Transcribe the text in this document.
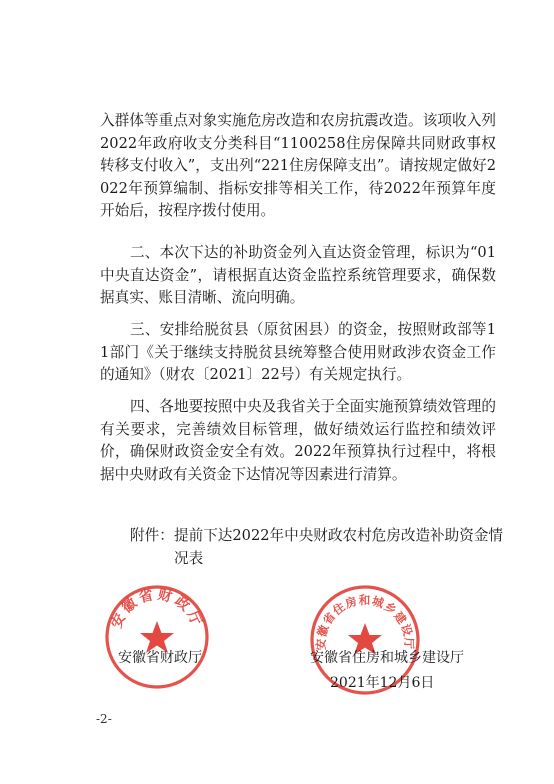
入群体等重点对象实施危房改造和农房抗震改造。该项收入列2022年政府收支分类科目“1100258住房保障共同财政事权转移支付收入”，支出列“221住房保障支出”。请按规定做好2022年预算编制、指标安排等相关工作，待2022年预算年度开始后，按程序拨付使用。
二、本次下达的补助资金列入直达资金管理，标识为“01中央直达资金”，请根据直达资金监控系统管理要求，确保数据真实、账目清晰、流向明确。
三、安排给脱贫县（原贫困县）的资金，按照财政部等11部门《关于继续支持脱贫县统筹整合使用财政涉农资金工作的通知》（财农〔2021〕22号）有关规定执行。
四、各地要按照中央及我省关于全面实施预算绩效管理的有关要求，完善绩效目标管理，做好绩效运行监控和绩效评价，确保财政资金安全有效。2022年预算执行过程中，将根据中央财政有关资金下达情况等因素进行清算。
附件：提前下达2022年中央财政农村危房改造补助资金情况表
安徽省财政厅
安徽省住房和城乡建设厅
安徽省财政厅	安徽省住房和城乡建设厅
2021年12月6日
-2-
